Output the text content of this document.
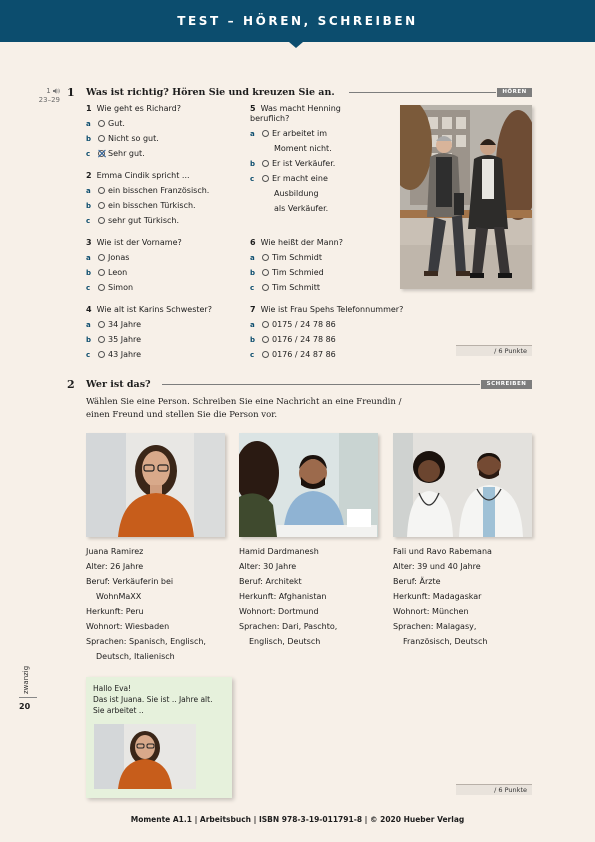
TEST – HÖREN, SCHREIBEN
1
23–29
1 Was ist richtig? Hören Sie und kreuzen Sie an.	HÖREN
1 Wie geht es Richard?
a Gut.
b Nicht so gut.
c Sehr gut.
2 Emma Cindik spricht ...
a ein bisschen Französisch.
b ein bisschen Türkisch.
c sehr gut Türkisch.
3 Wie ist der Vorname?
a Jonas
b Leon
c Simon
4 Wie alt ist Karins Schwester?
a 34 Jahre
b 35 Jahre
c 43 Jahre
5 Was macht Henning
beruflich?
a Er arbeitet im
Moment nicht.
b Er ist Verkäufer.
c Er macht eine
Ausbildung
als Verkäufer.
6 Wie heißt der Mann?
a Tim Schmidt
b Tim Schmied
c Tim Schmitt
7 Wie ist Frau Spehs Telefonnummer?
a 0175 / 24 78 86
b 0176 / 24 78 86
c 0176 / 24 87 86	/ 6 Punkte
2 Wer ist das?	SCHREIBEN
Wählen Sie eine Person. Schreiben Sie eine Nachricht an eine Freundin /
einen Freund und stellen Sie die Person vor.
Juana Ramirez
Alter: 26 Jahre
Beruf: Verkäuferin bei
WohnMaXX
Herkunft: Peru
Wohnort: Wiesbaden
Sprachen: Spanisch, Englisch,
Deutsch, Italienisch
Hamid Dardmanesh
Alter: 30 Jahre
Beruf: Architekt
Herkunft: Afghanistan
Wohnort: Dortmund
Sprachen: Dari, Paschto,
Englisch, Deutsch
Fali und Ravo Rabemana
Alter: 39 und 40 Jahre
Beruf: Ärzte
Herkunft: Madagaskar
Wohnort: München
Sprachen: Malagasy,
Französisch, Deutsch
Hallo Eva!
Das ist Juana. Sie ist .. Jahre alt.
Sie arbeitet ..
/ 6 Punkte
zwanzig
20
Momente A1.1 | Arbeitsbuch | ISBN 978-3-19-011791-8 | © 2020 Hueber Verlag
